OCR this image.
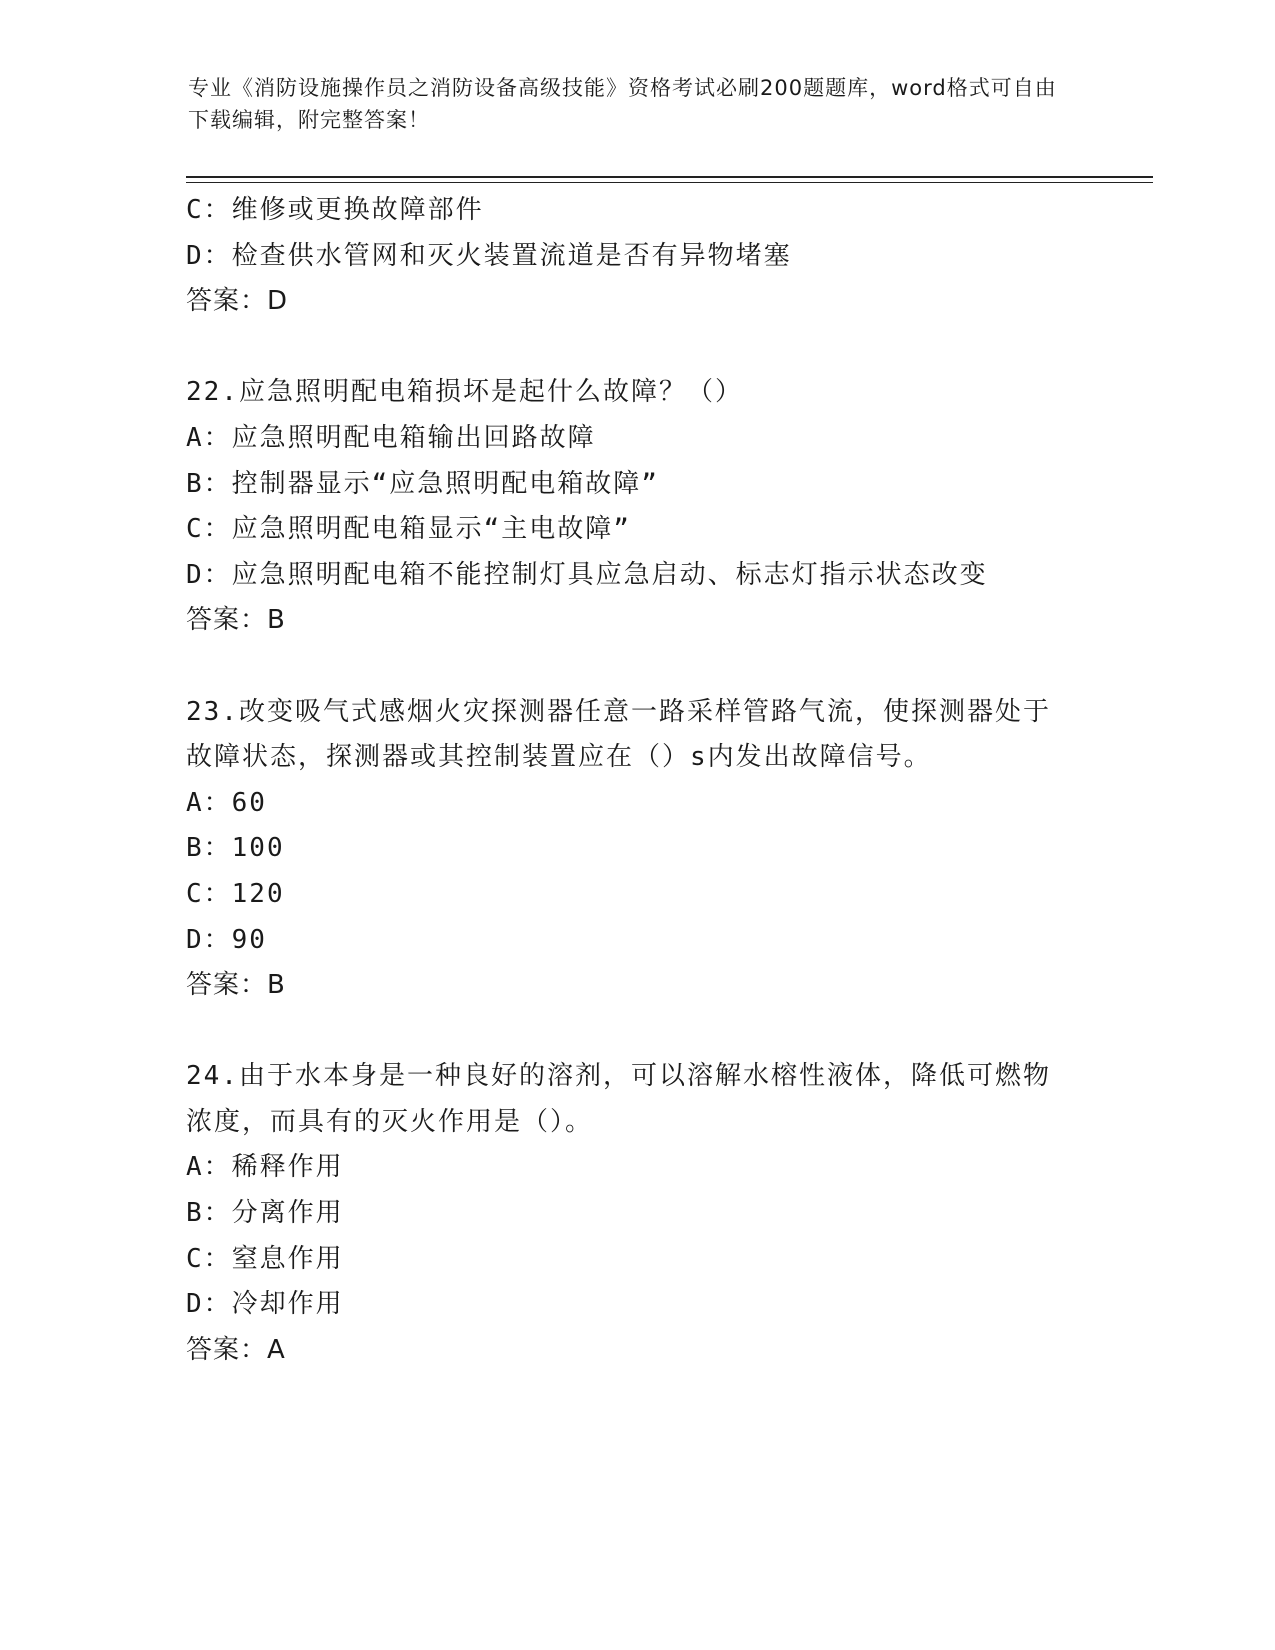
专业《消防设施操作员之消防设备高级技能》资格考试必刷200题题库，word格式可自由下载编辑，附完整答案！
C：维修或更换故障部件
D：检查供水管网和灭火装置流道是否有异物堵塞
答案：D
22.应急照明配电箱损坏是起什么故障？（）
A：应急照明配电箱输出回路故障
B：控制器显示“应急照明配电箱故障”
C：应急照明配电箱显示“主电故障”
D：应急照明配电箱不能控制灯具应急启动、标志灯指示状态改变
答案：B
23.改变吸气式感烟火灾探测器任意一路采样管路气流，使探测器处于故障状态，探测器或其控制装置应在（）s内发出故障信号。
A：60
B：100
C：120
D：90
答案：B
24.由于水本身是一种良好的溶剂，可以溶解水榕性液体，降低可燃物浓度，而具有的灭火作用是（）。
A：稀释作用
B：分离作用
C：窒息作用
D：冷却作用
答案：A
